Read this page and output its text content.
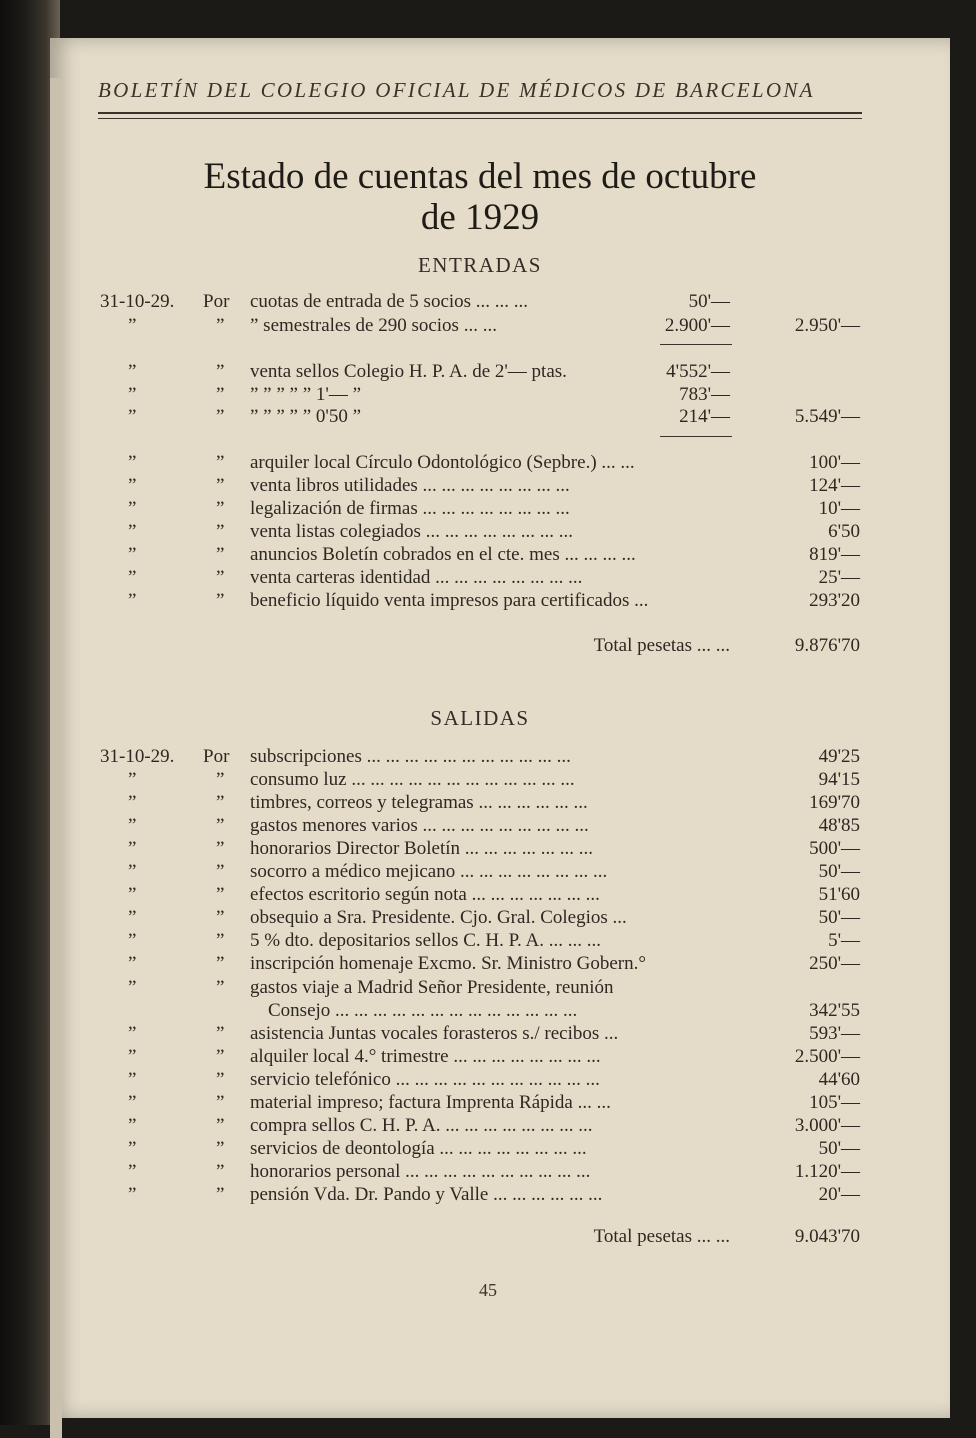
BOLETÍN DEL COLEGIO OFICIAL DE MÉDICOS DE BARCELONA
Estado de cuentas del mes de octubre
de 1929
ENTRADAS
31-10-29. Por cuotas de entrada de 5 socios ... ... ...	50'—
”	” ” semestrales de 290 socios ... ...	2.900'—	2.950'—
”	” venta sellos Colegio H. P. A. de 2'— ptas.	4'552'—
”	” ” ” ” ” ” 1'— ”	783'—
”	” ” ” ” ” ” 0'50 ”	214'—	5.549'—
”	” arquiler local Círculo Odontológico (Sepbre.) ... ...	100'—
”	” venta libros utilidades ... ... ... ... ... ... ... ...	124'—
”	” legalización de firmas ... ... ... ... ... ... ... ...	10'—
”	” venta listas colegiados ... ... ... ... ... ... ... ...	6'50
”	” anuncios Boletín cobrados en el cte. mes ... ... ... ...	819'—
”	” venta carteras identidad ... ... ... ... ... ... ... ...	25'—
”	” beneficio líquido venta impresos para certificados ...	293'20
Total pesetas ... ...	9.876'70
SALIDAS
31-10-29. Por subscripciones ... ... ... ... ... ... ... ... ... ... ...	49'25
”	” consumo luz ... ... ... ... ... ... ... ... ... ... ... ...	94'15
”	” timbres, correos y telegramas ... ... ... ... ... ...	169'70
”	” gastos menores varios ... ... ... ... ... ... ... ... ...	48'85
”	” honorarios Director Boletín ... ... ... ... ... ... ...	500'—
”	” socorro a médico mejicano ... ... ... ... ... ... ... ...	50'—
”	” efectos escritorio según nota ... ... ... ... ... ... ...	51'60
”	” obsequio a Sra. Presidente. Cjo. Gral. Colegios ...	50'—
”	” 5 % dto. depositarios sellos C. H. P. A. ... ... ...	5'—
”	” inscripción homenaje Excmo. Sr. Ministro Gobern.°	250'—
”	” gastos viaje a Madrid Señor Presidente, reunión
Consejo ... ... ... ... ... ... ... ... ... ... ... ... ...	342'55
”	” asistencia Juntas vocales forasteros s./ recibos ...	593'—
”	” alquiler local 4.° trimestre ... ... ... ... ... ... ... ...	2.500'—
”	” servicio telefónico ... ... ... ... ... ... ... ... ... ... ...	44'60
”	” material impreso; factura Imprenta Rápida ... ...	105'—
”	” compra sellos C. H. P. A. ... ... ... ... ... ... ... ...	3.000'—
”	” servicios de deontología ... ... ... ... ... ... ... ...	50'—
”	” honorarios personal ... ... ... ... ... ... ... ... ... ...	1.120'—
”	” pensión Vda. Dr. Pando y Valle ... ... ... ... ... ...	20'—
Total pesetas ... ...	9.043'70
45
